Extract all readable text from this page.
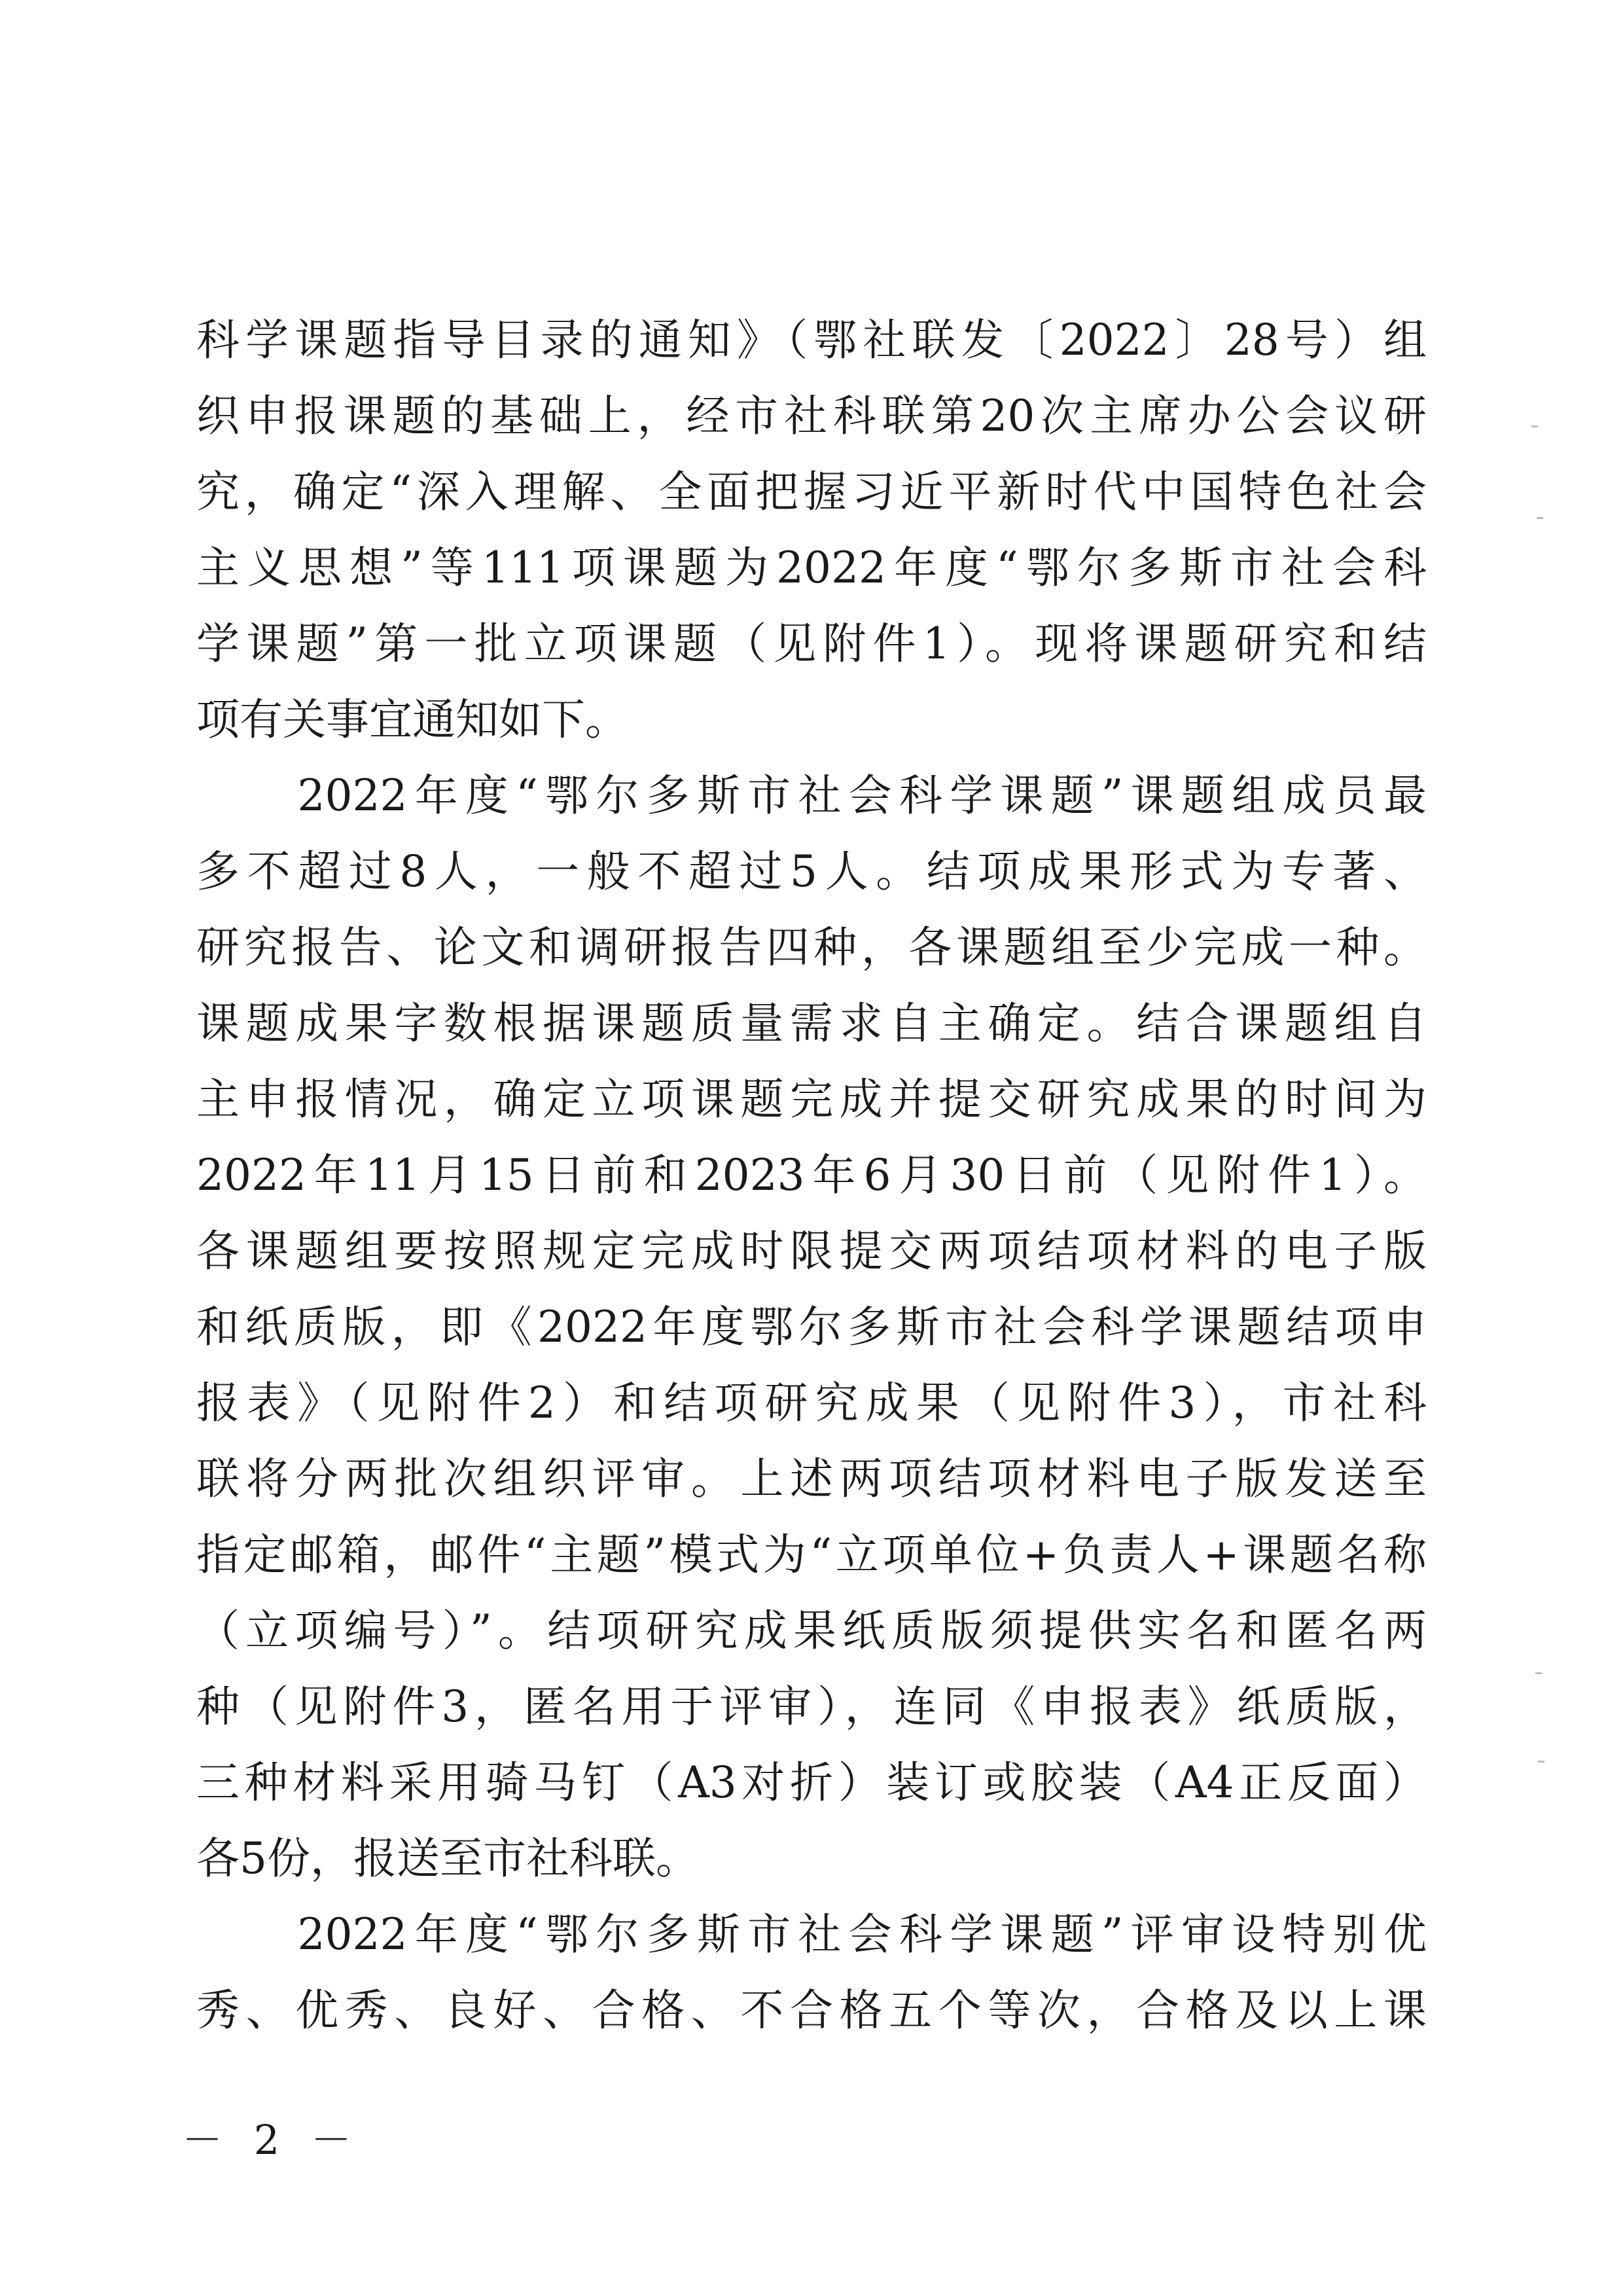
科学课题指导目录的通知》（鄂社联发〔2022〕28号）组
织申报课题的基础上，经市社科联第20次主席办公会议研
究，确定“深入理解、全面把握习近平新时代中国特色社会
主义思想”等111项课题为2022年度“鄂尔多斯市社会科
学课题”第一批立项课题（见附件1）。现将课题研究和结
项有关事宜通知如下。
　　2022年度“鄂尔多斯市社会科学课题”课题组成员最
多不超过8人，一般不超过5人。结项成果形式为专著、
研究报告、论文和调研报告四种，各课题组至少完成一种。
课题成果字数根据课题质量需求自主确定。结合课题组自
主申报情况，确定立项课题完成并提交研究成果的时间为
2022年11月15日前和2023年6月30日前（见附件1）。
各课题组要按照规定完成时限提交两项结项材料的电子版
和纸质版，即《2022年度鄂尔多斯市社会科学课题结项申
报表》（见附件2）和结项研究成果（见附件3），市社科
联将分两批次组织评审。上述两项结项材料电子版发送至
指定邮箱，邮件“主题”模式为“立项单位+负责人+课题名称
（立项编号）”。结项研究成果纸质版须提供实名和匿名两
种（见附件3，匿名用于评审），连同《申报表》纸质版，
三种材料采用骑马钉（A3对折）装订或胶装（A4正反面）
各5份，报送至市社科联。
　　2022年度“鄂尔多斯市社会科学课题”评审设特别优
秀、优秀、良好、合格、不合格五个等次，合格及以上课
－ 2 －
